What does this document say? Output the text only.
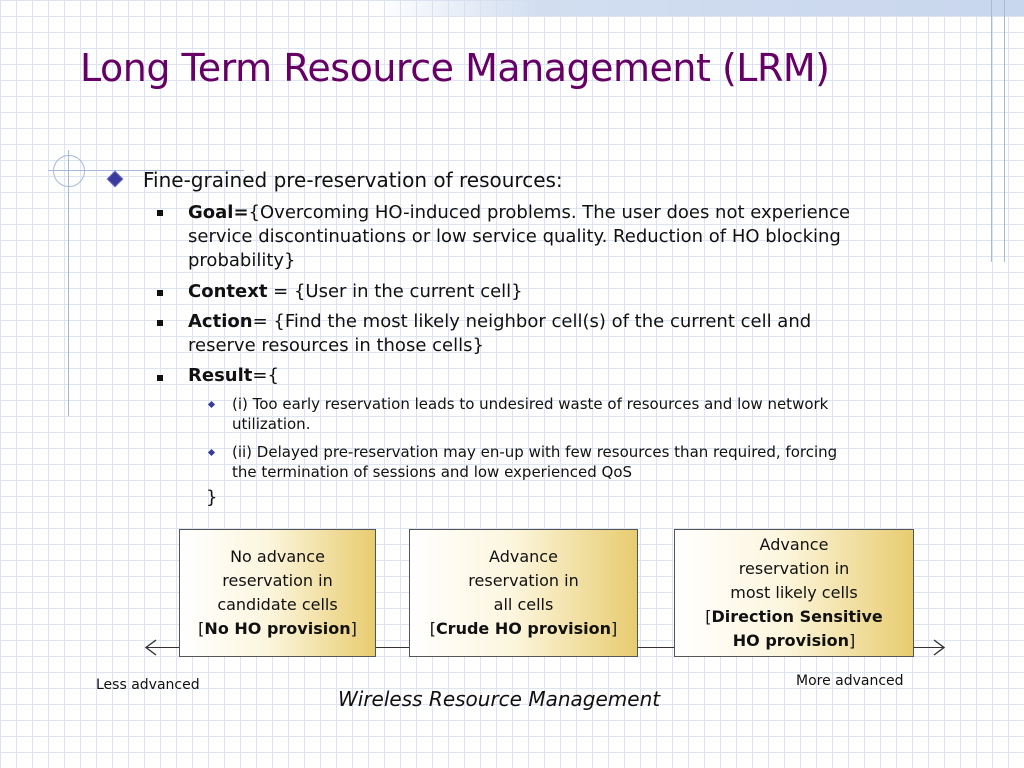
Long Term Resource Management (LRM)
Fine-grained pre-reservation of resources:
Goal={Overcoming HO-induced problems. The user does not experience
service discontinuations or low service quality. Reduction of HO blocking
probability}
Context = {User in the current cell}
Action= {Find the most likely neighbor cell(s) of the current cell and
reserve resources in those cells}
Result={
(i) Too early reservation leads to undesired waste of resources and low network
utilization.
(ii) Delayed pre-reservation may en-up with few resources than required, forcing
the termination of sessions and low experienced QoS
}
No advance
reservation in
candidate cells
[No HO provision]
Advance
reservation in
all cells
[Crude HO provision]
Advance
reservation in
most likely cells
[Direction Sensitive
HO provision]
Less advanced	More advanced
Wireless Resource Management
